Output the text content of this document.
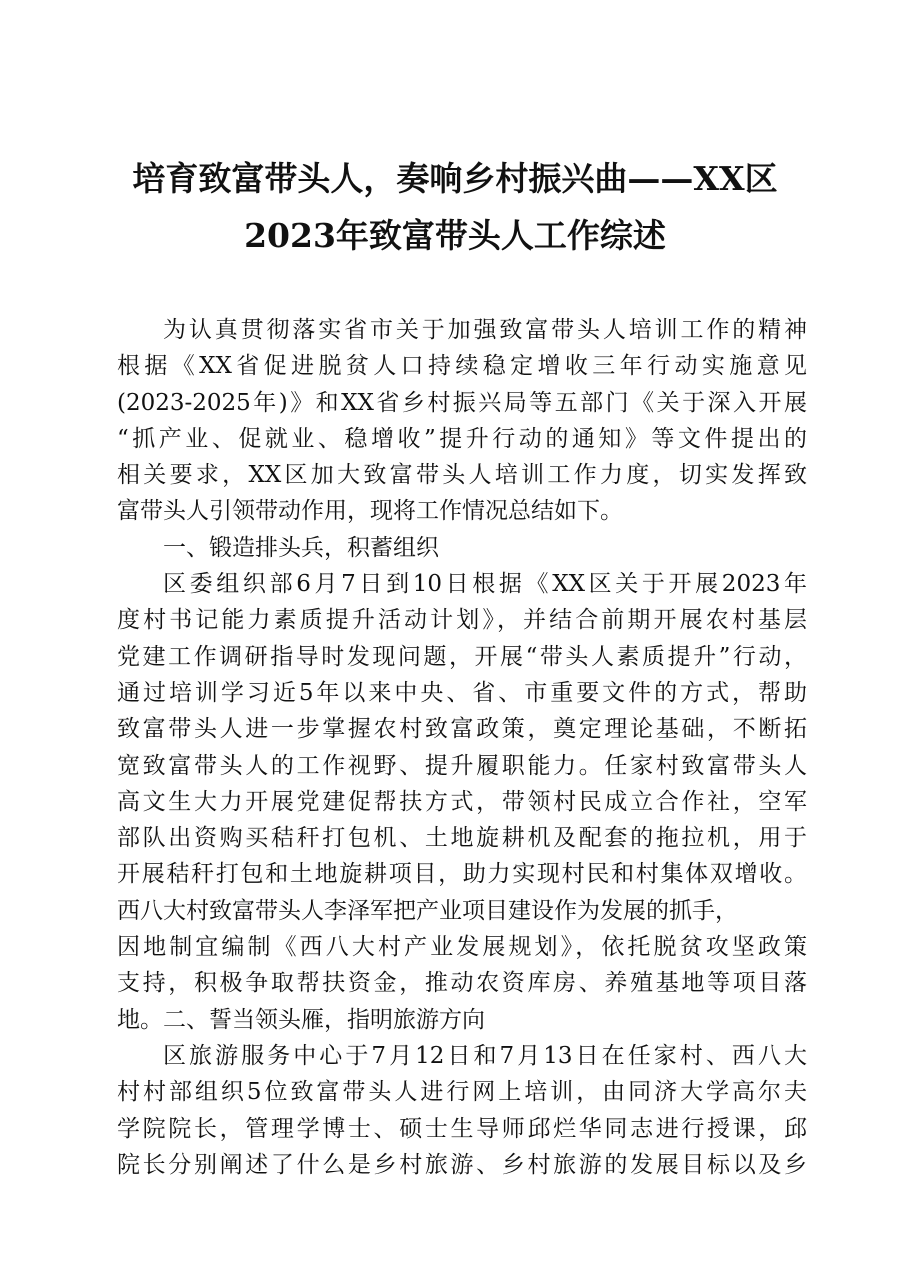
培育致富带头人，奏响乡村振兴曲——XX区
2023年致富带头人工作综述
为认真贯彻落实省市关于加强致富带头人培训工作的精神
根据《XX省促进脱贫人口持续稳定增收三年行动实施意见
(2023-2025年)》和XX省乡村振兴局等五部门《关于深入开展
“抓产业、促就业、稳增收”提升行动的通知》等文件提出的
相关要求，XX区加大致富带头人培训工作力度，切实发挥致
富带头人引领带动作用，现将工作情况总结如下。
一、锻造排头兵，积蓄组织
区委组织部6月7日到10日根据《XX区关于开展2023年
度村书记能力素质提升活动计划》，并结合前期开展农村基层
党建工作调研指导时发现问题，开展“带头人素质提升”行动，
通过培训学习近5年以来中央、省、市重要文件的方式，帮助
致富带头人进一步掌握农村致富政策，奠定理论基础，不断拓
宽致富带头人的工作视野、提升履职能力。任家村致富带头人
高文生大力开展党建促帮扶方式，带领村民成立合作社，空军
部队出资购买秸秆打包机、土地旋耕机及配套的拖拉机，用于
开展秸秆打包和土地旋耕项目，助力实现村民和村集体双增收。
西八大村致富带头人李泽军把产业项目建设作为发展的抓手，
因地制宜编制《西八大村产业发展规划》，依托脱贫攻坚政策
支持，积极争取帮扶资金，推动农资库房、养殖基地等项目落
地。二、誓当领头雁，指明旅游方向
区旅游服务中心于7月12日和7月13日在任家村、西八大
村村部组织5位致富带头人进行网上培训，由同济大学高尔夫
学院院长，管理学博士、硕士生导师邱烂华同志进行授课，邱
院长分别阐述了什么是乡村旅游、乡村旅游的发展目标以及乡
